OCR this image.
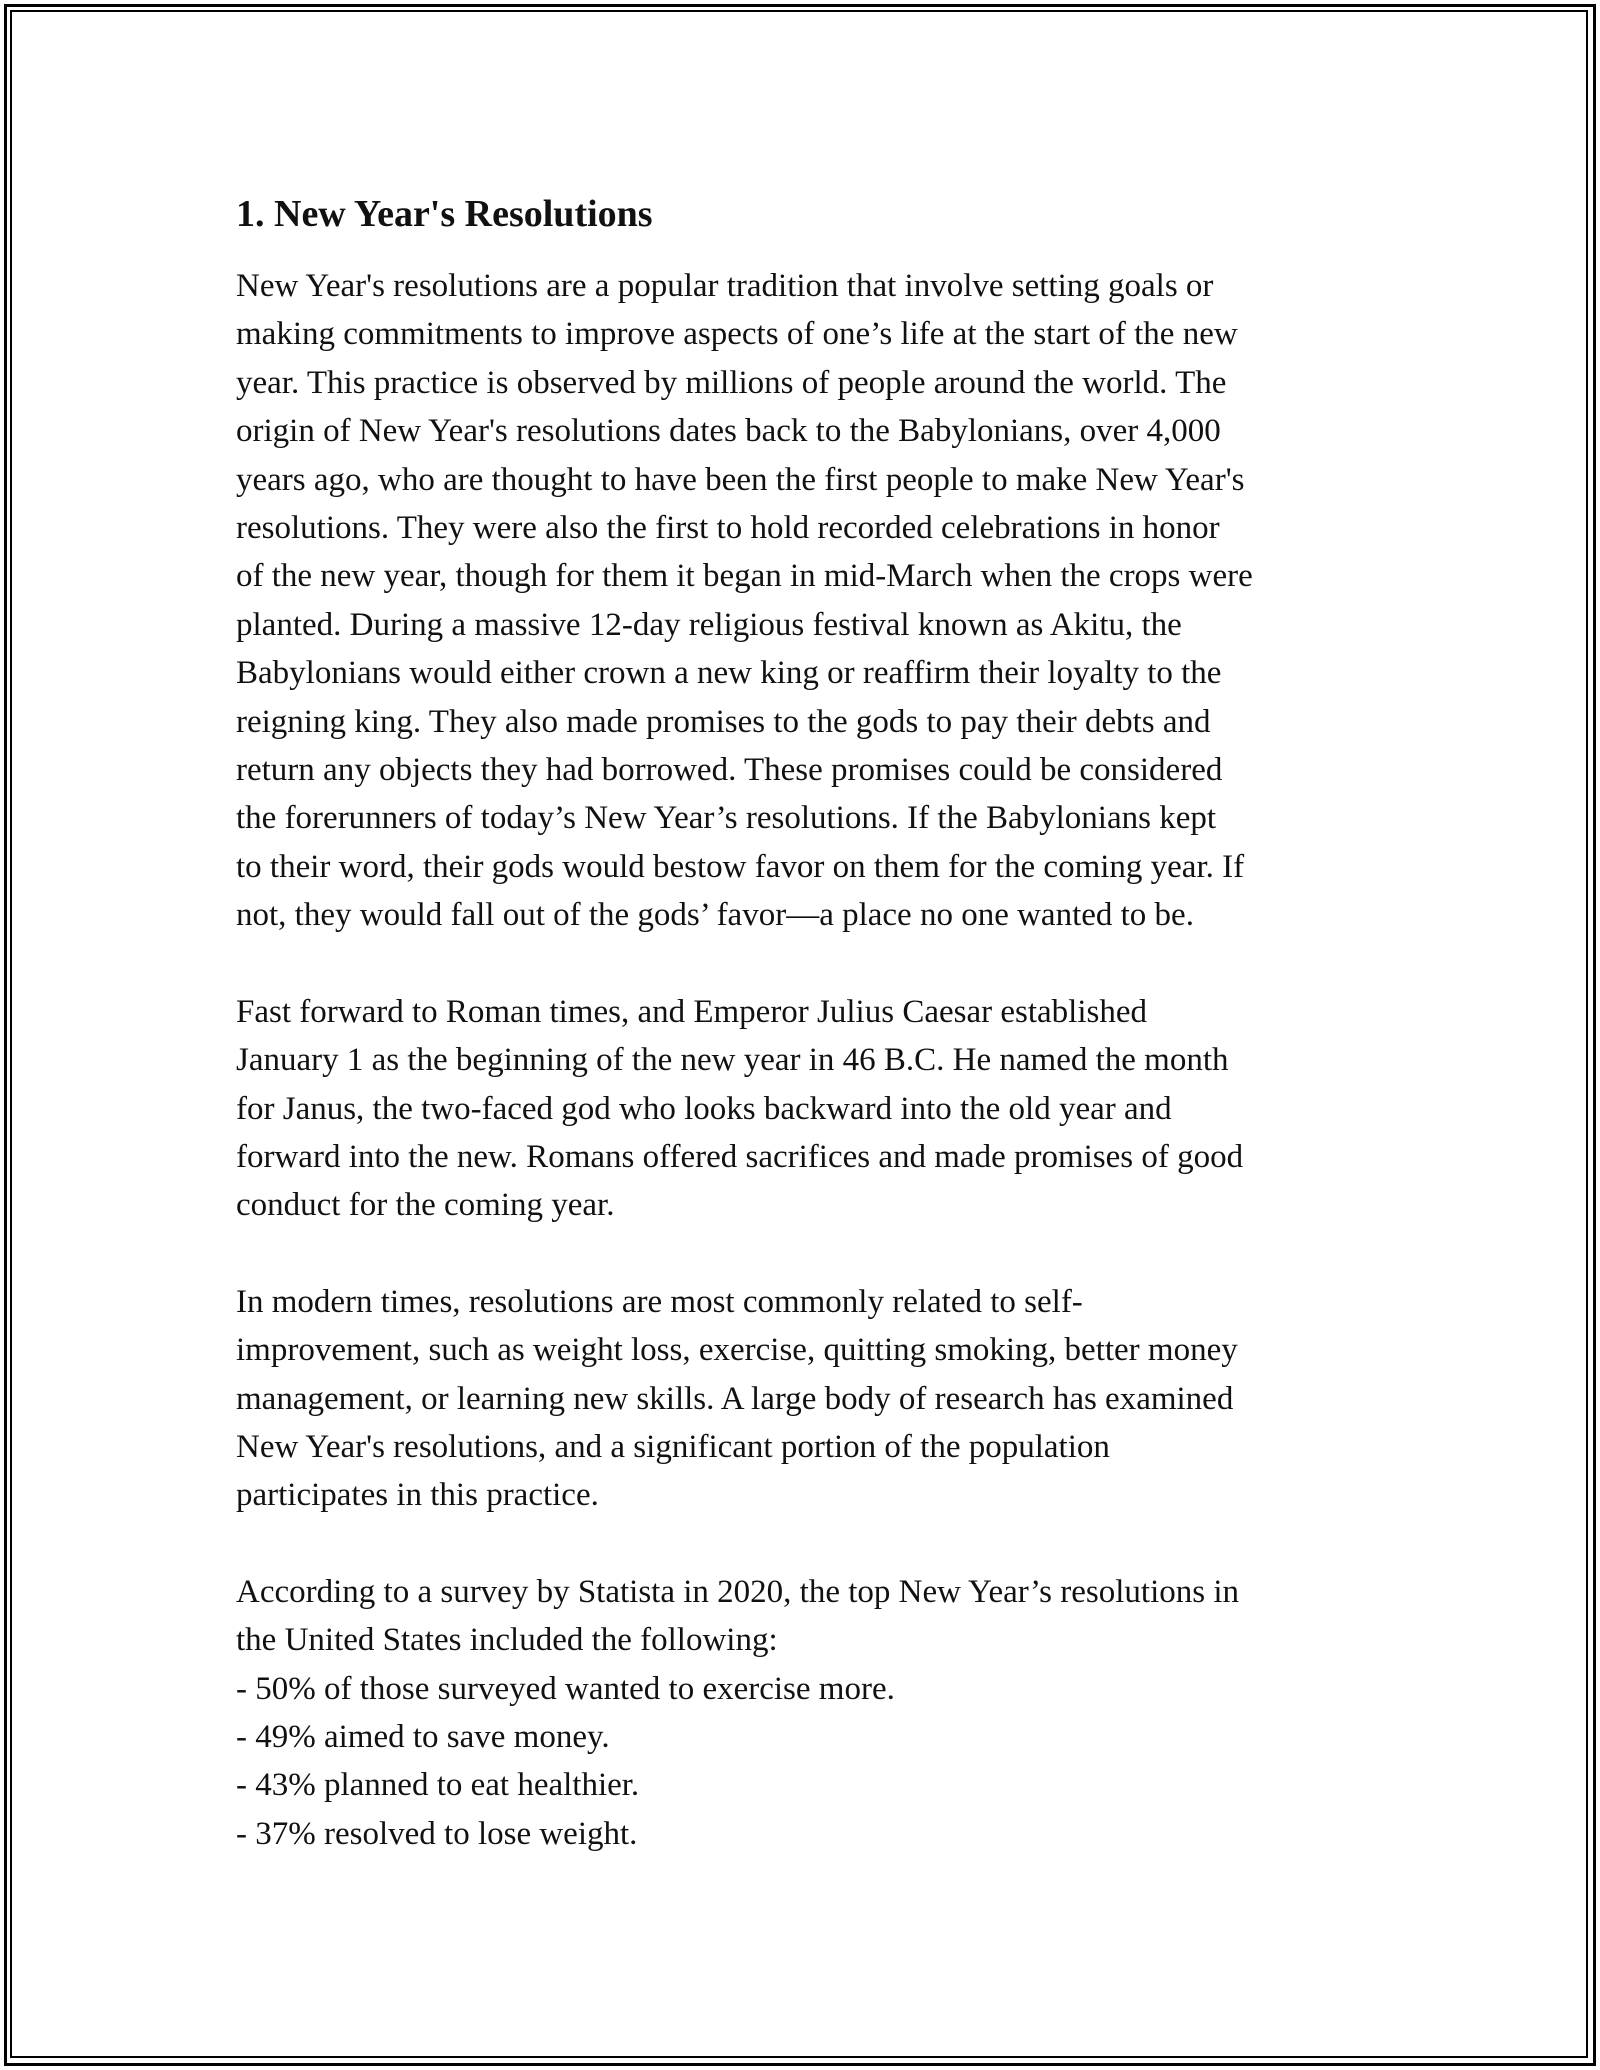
1. New Year's Resolutions

New Year's resolutions are a popular tradition that involve setting goals or
making commitments to improve aspects of one’s life at the start of the new
year. This practice is observed by millions of people around the world. The
origin of New Year's resolutions dates back to the Babylonians, over 4,000
years ago, who are thought to have been the first people to make New Year's
resolutions. They were also the first to hold recorded celebrations in honor
of the new year, though for them it began in mid-March when the crops were
planted. During a massive 12-day religious festival known as Akitu, the
Babylonians would either crown a new king or reaffirm their loyalty to the
reigning king. They also made promises to the gods to pay their debts and
return any objects they had borrowed. These promises could be considered
the forerunners of today’s New Year’s resolutions. If the Babylonians kept
to their word, their gods would bestow favor on them for the coming year. If
not, they would fall out of the gods’ favor—a place no one wanted to be.

Fast forward to Roman times, and Emperor Julius Caesar established
January 1 as the beginning of the new year in 46 B.C. He named the month
for Janus, the two-faced god who looks backward into the old year and
forward into the new. Romans offered sacrifices and made promises of good
conduct for the coming year.

In modern times, resolutions are most commonly related to self-
improvement, such as weight loss, exercise, quitting smoking, better money
management, or learning new skills. A large body of research has examined
New Year's resolutions, and a significant portion of the population
participates in this practice.

According to a survey by Statista in 2020, the top New Year’s resolutions in
the United States included the following:

- 50% of those surveyed wanted to exercise more.
- 49% aimed to save money.
- 43% planned to eat healthier.
- 37% resolved to lose weight.
